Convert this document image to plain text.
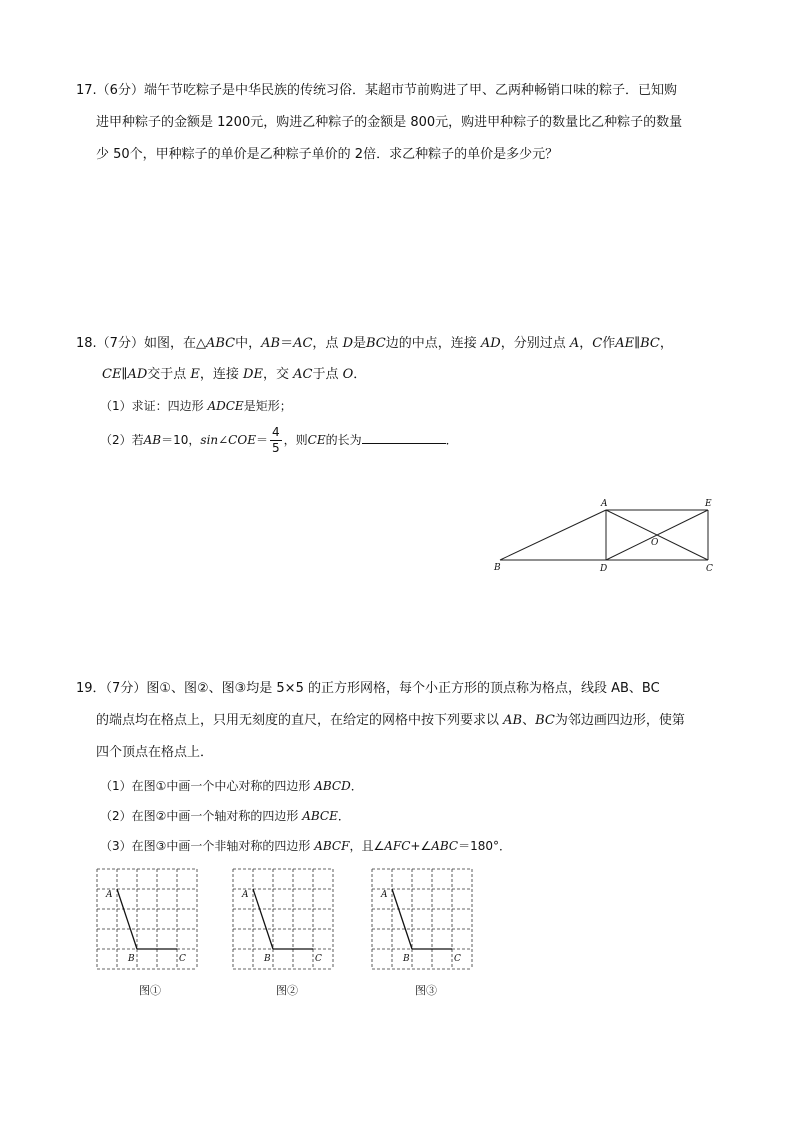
17.（6分）端午节吃粽子是中华民族的传统习俗．某超市节前购进了甲、乙两种畅销口味的粽子．已知购
进甲种粽子的金额是 1200元，购进乙种粽子的金额是 800元，购进甲种粽子的数量比乙种粽子的数量
少 50个，甲种粽子的单价是乙种粽子单价的 2倍．求乙种粽子的单价是多少元？
18.（7分）如图，在△ABC中，AB＝AC，点 D是BC边的中点，连接 AD，分别过点 A，C作AE∥BC，
CE∥AD交于点 E，连接 DE，交 AC于点 O．
（1）求证：四边形 ADCE是矩形；
（2）若AB＝10，sin∠COE＝ $\frac{4}{5}$ ，则CE的长为	．
A	E
O
B	D	C
19．（7分）图①、图②、图③均是 5×5 的正方形网格，每个小正方形的顶点称为格点，线段 AB、BC
的端点均在格点上，只用无刻度的直尺，在给定的网格中按下列要求以 AB、BC为邻边画四边形，使第
四个顶点在格点上．
（1）在图①中画一个中心对称的四边形 ABCD．
（2）在图②中画一个轴对称的四边形 ABCE．
（3）在图③中画一个非轴对称的四边形 ABCF，且∠AFC+∠ABC＝180°．
A
B	C
A
B	C
A
B	C
图①	图②	图③
